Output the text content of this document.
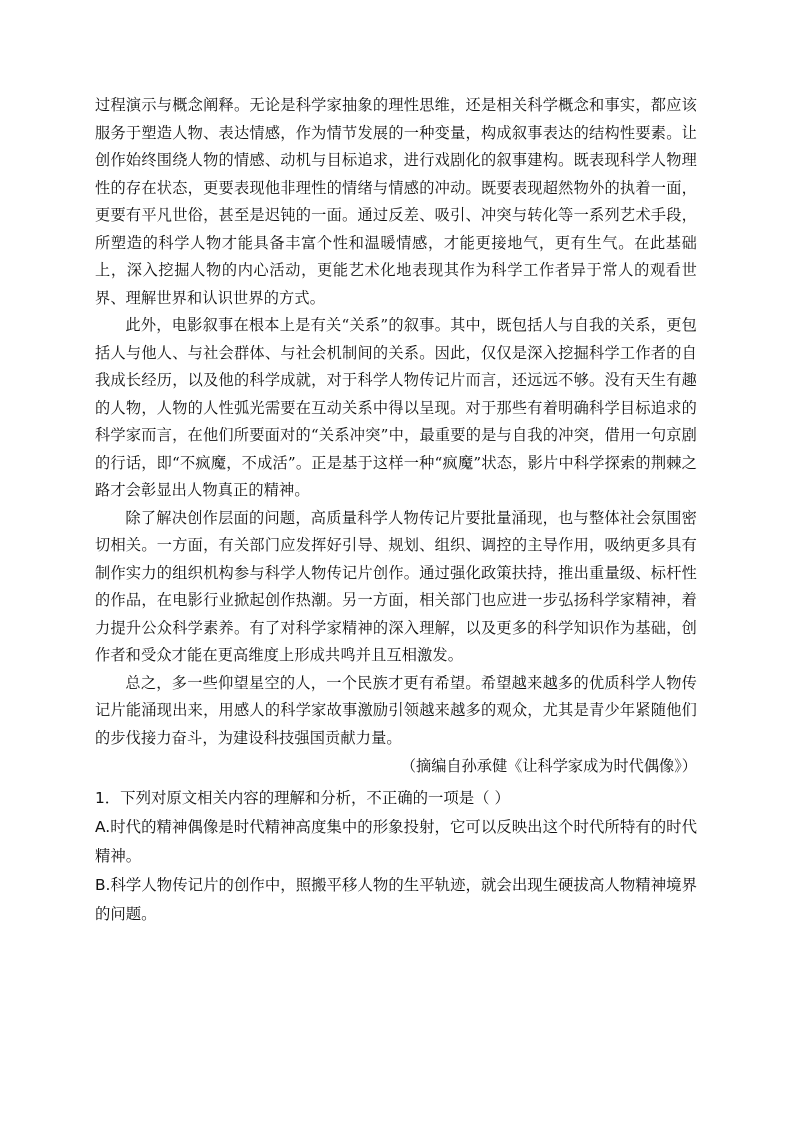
过程演示与概念阐释。无论是科学家抽象的理性思维，还是相关科学概念和事实，都应该服务于塑造人物、表达情感，作为情节发展的一种变量，构成叙事表达的结构性要素。让创作始终围绕人物的情感、动机与目标追求，进行戏剧化的叙事建构。既表现科学人物理性的存在状态，更要表现他非理性的情绪与情感的冲动。既要表现超然物外的执着一面，更要有平凡世俗，甚至是迟钝的一面。通过反差、吸引、冲突与转化等一系列艺术手段，所塑造的科学人物才能具备丰富个性和温暖情感，才能更接地气，更有生气。在此基础上，深入挖掘人物的内心活动，更能艺术化地表现其作为科学工作者异于常人的观看世界、理解世界和认识世界的方式。

此外，电影叙事在根本上是有关“关系”的叙事。其中，既包括人与自我的关系，更包括人与他人、与社会群体、与社会机制间的关系。因此，仅仅是深入挖掘科学工作者的自我成长经历，以及他的科学成就，对于科学人物传记片而言，还远远不够。没有天生有趣的人物，人物的人性弧光需要在互动关系中得以呈现。对于那些有着明确科学目标追求的科学家而言，在他们所要面对的“关系冲突”中，最重要的是与自我的冲突，借用一句京剧的行话，即“不疯魔，不成活”。正是基于这样一种“疯魔”状态，影片中科学探索的荆棘之路才会彰显出人物真正的精神。

除了解决创作层面的问题，高质量科学人物传记片要批量涌现，也与整体社会氛围密切相关。一方面，有关部门应发挥好引导、规划、组织、调控的主导作用，吸纳更多具有制作实力的组织机构参与科学人物传记片创作。通过强化政策扶持，推出重量级、标杆性的作品，在电影行业掀起创作热潮。另一方面，相关部门也应进一步弘扬科学家精神，着力提升公众科学素养。有了对科学家精神的深入理解，以及更多的科学知识作为基础，创作者和受众才能在更高维度上形成共鸣并且互相激发。

总之，多一些仰望星空的人，一个民族才更有希望。希望越来越多的优质科学人物传记片能涌现出来，用感人的科学家故事激励引领越来越多的观众，尤其是青少年紧随他们的步伐接力奋斗，为建设科技强国贡献力量。

（摘编自孙承健《让科学家成为时代偶像》）

1．下列对原文相关内容的理解和分析，不正确的一项是（ ）

A.时代的精神偶像是时代精神高度集中的形象投射，它可以反映出这个时代所特有的时代精神。

B.科学人物传记片的创作中，照搬平移人物的生平轨迹，就会出现生硬拔高人物精神境界的问题。
